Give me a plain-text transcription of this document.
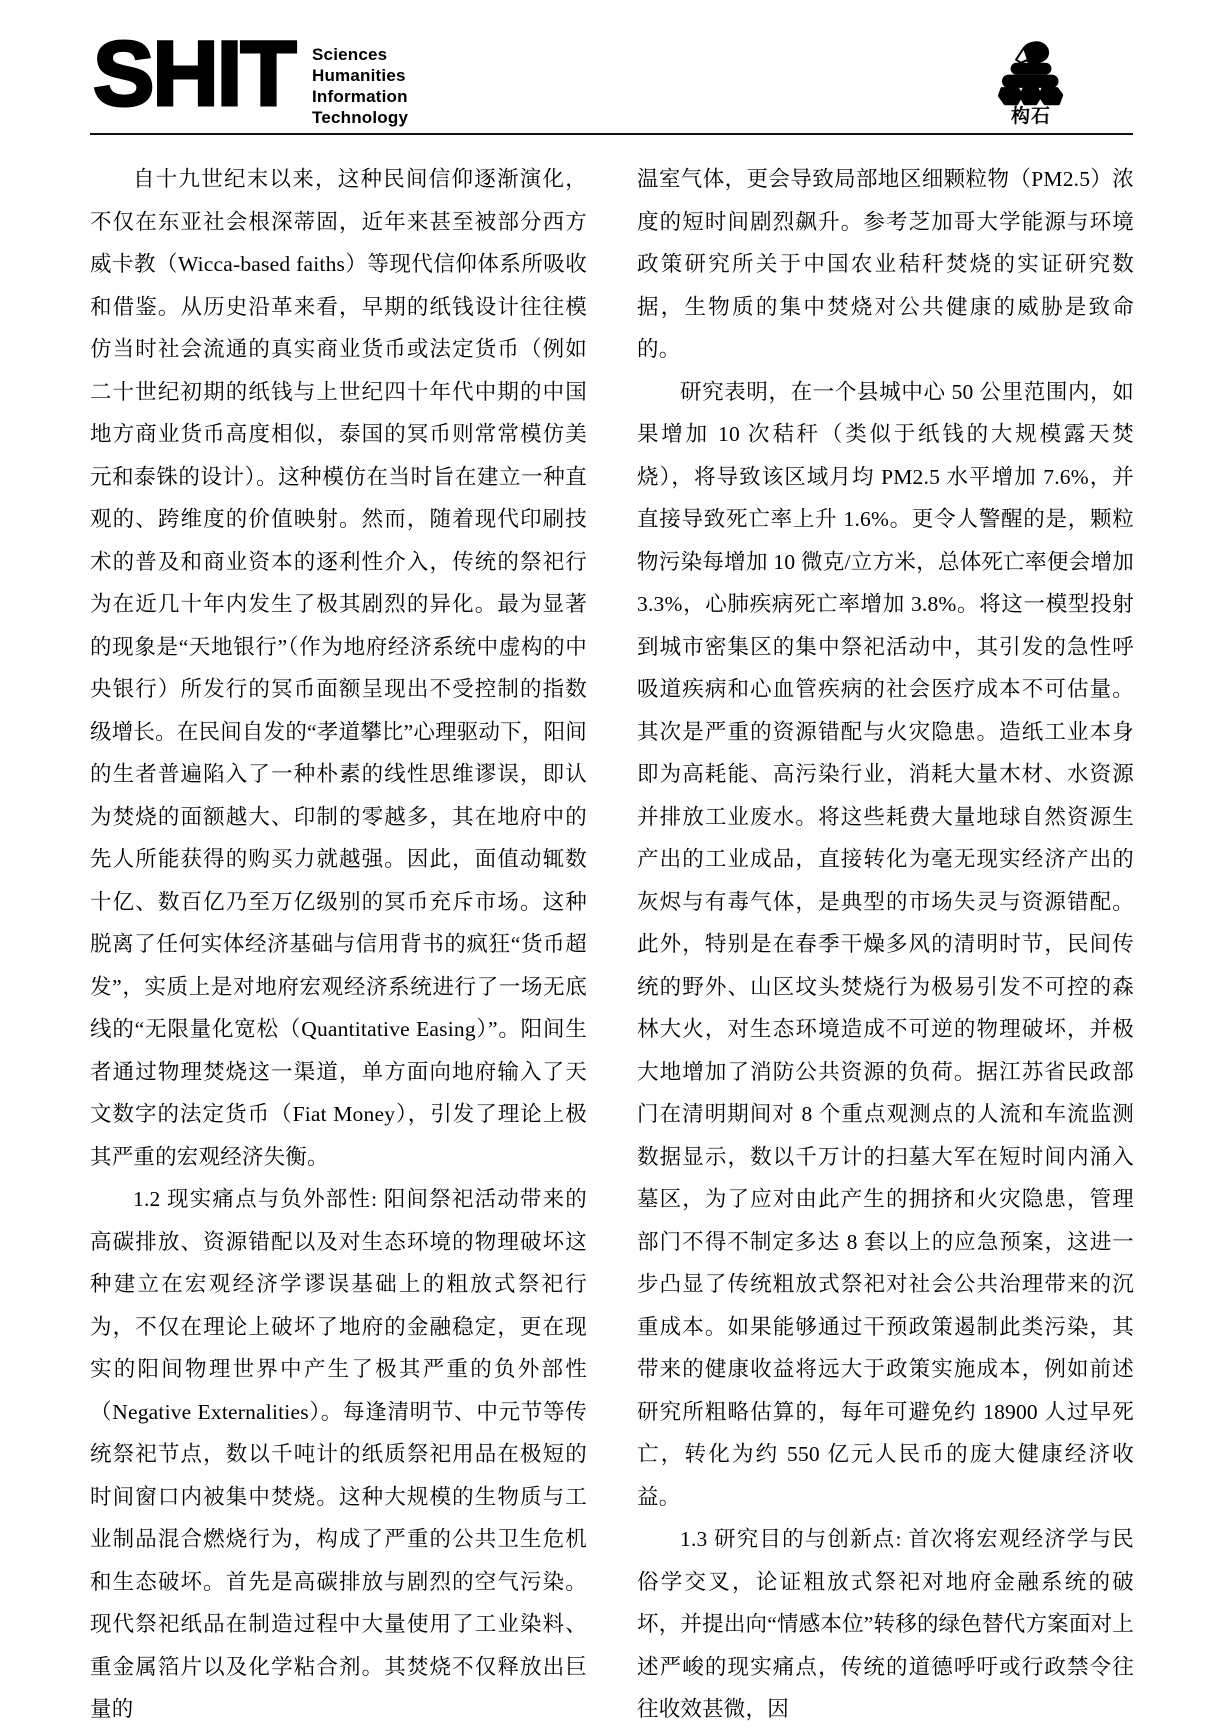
SHIT Sciences
Humanities
Information
Technology	构石

自十九世纪末以来，这种民间信仰逐渐演化，不仅在东亚社会根深蒂固，近年来甚至被部分西方威卡教（Wicca-based faiths）等现代信仰体系所吸收和借鉴。从历史沿革来看，早期的纸钱设计往往模仿当时社会流通的真实商业货币或法定货币（例如二十世纪初期的纸钱与上世纪四十年代中期的中国地方商业货币高度相似，泰国的冥币则常常模仿美元和泰铢的设计）。这种模仿在当时旨在建立一种直观的、跨维度的价值映射。然而，随着现代印刷技术的普及和商业资本的逐利性介入，传统的祭祀行为在近几十年内发生了极其剧烈的异化。最为显著的现象是“天地银行”（作为地府经济系统中虚构的中央银行）所发行的冥币面额呈现出不受控制的指数级增长。在民间自发的“孝道攀比”心理驱动下，阳间的生者普遍陷入了一种朴素的线性思维谬误，即认为焚烧的面额越大、印制的零越多，其在地府中的先人所能获得的购买力就越强。因此，面值动辄数十亿、数百亿乃至万亿级别的冥币充斥市场。这种脱离了任何实体经济基础与信用背书的疯狂“货币超发”，实质上是对地府宏观经济系统进行了一场无底线的“无限量化宽松（Quantitative Easing）”。阳间生者通过物理焚烧这一渠道，单方面向地府输入了天文数字的法定货币（Fiat Money），引发了理论上极其严重的宏观经济失衡。

1.2 现实痛点与负外部性: 阳间祭祀活动带来的高碳排放、资源错配以及对生态环境的物理破坏这种建立在宏观经济学谬误基础上的粗放式祭祀行为，不仅在理论上破坏了地府的金融稳定，更在现实的阳间物理世界中产生了极其严重的负外部性（Negative Externalities）。每逢清明节、中元节等传统祭祀节点，数以千吨计的纸质祭祀用品在极短的时间窗口内被集中焚烧。这种大规模的生物质与工业制品混合燃烧行为，构成了严重的公共卫生危机和生态破坏。首先是高碳排放与剧烈的空气污染。现代祭祀纸品在制造过程中大量使用了工业染料、重金属箔片以及化学粘合剂。其焚烧不仅释放出巨量的

温室气体，更会导致局部地区细颗粒物（PM2.5）浓度的短时间剧烈飙升。参考芝加哥大学能源与环境政策研究所关于中国农业秸秆焚烧的实证研究数据，生物质的集中焚烧对公共健康的威胁是致命的。

研究表明，在一个县城中心 50 公里范围内，如果增加 10 次秸秆（类似于纸钱的大规模露天焚烧），将导致该区域月均 PM2.5 水平增加 7.6%，并直接导致死亡率上升 1.6%。更令人警醒的是，颗粒物污染每增加 10 微克/立方米，总体死亡率便会增加 3.3%，心肺疾病死亡率增加 3.8%。将这一模型投射到城市密集区的集中祭祀活动中，其引发的急性呼吸道疾病和心血管疾病的社会医疗成本不可估量。其次是严重的资源错配与火灾隐患。造纸工业本身即为高耗能、高污染行业，消耗大量木材、水资源并排放工业废水。将这些耗费大量地球自然资源生产出的工业成品，直接转化为毫无现实经济产出的灰烬与有毒气体，是典型的市场失灵与资源错配。此外，特别是在春季干燥多风的清明时节，民间传统的野外、山区坟头焚烧行为极易引发不可控的森林大火，对生态环境造成不可逆的物理破坏，并极大地增加了消防公共资源的负荷。据江苏省民政部门在清明期间对 8 个重点观测点的人流和车流监测数据显示，数以千万计的扫墓大军在短时间内涌入墓区，为了应对由此产生的拥挤和火灾隐患，管理部门不得不制定多达 8 套以上的应急预案，这进一步凸显了传统粗放式祭祀对社会公共治理带来的沉重成本。如果能够通过干预政策遏制此类污染，其带来的健康收益将远大于政策实施成本，例如前述研究所粗略估算的，每年可避免约 18900 人过早死亡，转化为约 550 亿元人民币的庞大健康经济收益。

1.3 研究目的与创新点: 首次将宏观经济学与民俗学交叉，论证粗放式祭祀对地府金融系统的破坏，并提出向“情感本位”转移的绿色替代方案面对上述严峻的现实痛点，传统的道德呼吁或行政禁令往往收效甚微，因
